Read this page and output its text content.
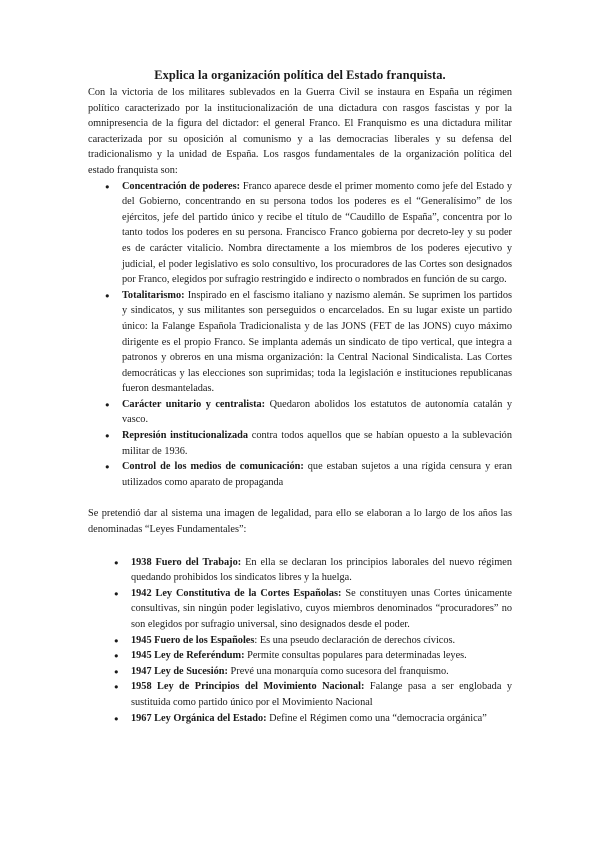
Explica la organización política del Estado franquista.

Con la victoria de los militares sublevados en la Guerra Civil se instaura en España un régimen político caracterizado por la institucionalización de una dictadura con rasgos fascistas y por la omnipresencia de la figura del dictador: el general Franco. El Franquismo es una dictadura militar caracterizada por su oposición al comunismo y a las democracias liberales y su defensa del tradicionalismo y la unidad de España. Los rasgos fundamentales de la organización política del estado franquista son:

● Concentración de poderes: Franco aparece desde el primer momento como jefe del Estado y del Gobierno, concentrando en su persona todos los poderes es el “Generalísimo” de los ejércitos, jefe del partido único y recibe el título de “Caudillo de España”, concentra por lo tanto todos los poderes en su persona. Francisco Franco gobierna por decreto-ley y su poder es de carácter vitalicio. Nombra directamente a los miembros de los poderes ejecutivo y judicial, el poder legislativo es solo consultivo, los procuradores de las Cortes son designados por Franco, elegidos por sufragio restringido e indirecto o nombrados en función de su cargo.
● Totalitarismo: Inspirado en el fascismo italiano y nazismo alemán. Se suprimen los partidos y sindicatos, y sus militantes son perseguidos o encarcelados. En su lugar existe un partido único: la Falange Española Tradicionalista y de las JONS (FET de las JONS) cuyo máximo dirigente es el propio Franco. Se implanta además un sindicato de tipo vertical, que integra a patronos y obreros en una misma organización: la Central Nacional Sindicalista. Las Cortes democráticas y las elecciones son suprimidas; toda la legislación e instituciones republicanas fueron desmanteladas.
● Carácter unitario y centralista: Quedaron abolidos los estatutos de autonomía catalán y vasco.
● Represión institucionalizada contra todos aquellos que se habían opuesto a la sublevación militar de 1936.
● Control de los medios de comunicación: que estaban sujetos a una rígida censura y eran utilizados como aparato de propaganda

Se pretendió dar al sistema una imagen de legalidad, para ello se elaboran a lo largo de los años las denominadas “Leyes Fundamentales”:

● 1938 Fuero del Trabajo: En ella se declaran los principios laborales del nuevo régimen quedando prohibidos los sindicatos libres y la huelga.
● 1942 Ley Constitutiva de la Cortes Españolas: Se constituyen unas Cortes únicamente consultivas, sin ningún poder legislativo, cuyos miembros denominados “procuradores” no son elegidos por sufragio universal, sino designados desde el poder.
● 1945 Fuero de los Españoles: Es una pseudo declaración de derechos cívicos.
● 1945 Ley de Referéndum: Permite consultas populares para determinadas leyes.
● 1947 Ley de Sucesión: Prevé una monarquía como sucesora del franquismo.
● 1958 Ley de Principios del Movimiento Nacional: Falange pasa a ser englobada y sustituida como partido único por el Movimiento Nacional
● 1967 Ley Orgánica del Estado: Define el Régimen como una “democracia orgánica”
